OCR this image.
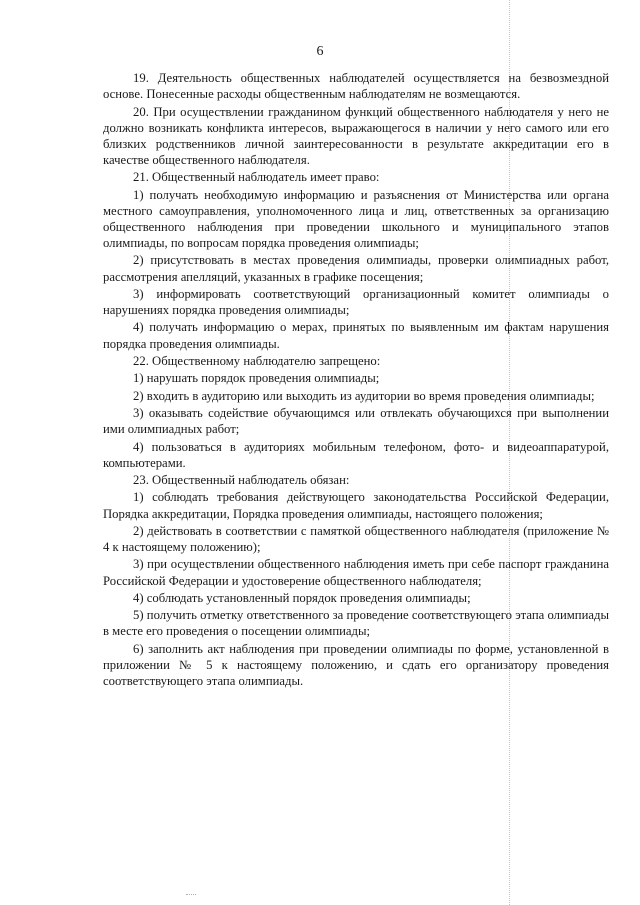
6

19. Деятельность общественных наблюдателей осуществляется на безвозмездной основе. Понесенные расходы общественным наблюдателям не возмещаются.

20. При осуществлении гражданином функций общественного наблюдателя у него не должно возникать конфликта интересов, выражающегося в наличии у него самого или его близких родственников личной заинтересованности в результате аккредитации его в качестве общественного наблюдателя.

21. Общественный наблюдатель имеет право:

1) получать необходимую информацию и разъяснения от Министерства или органа местного самоуправления, уполномоченного лица и лиц, ответственных за организацию общественного наблюдения при проведении школьного и муниципального этапов олимпиады, по вопросам порядка проведения олимпиады;

2) присутствовать в местах проведения олимпиады, проверки олимпиадных работ, рассмотрения апелляций, указанных в графике посещения;

3) информировать соответствующий организационный комитет олимпиады о нарушениях порядка проведения олимпиады;

4) получать информацию о мерах, принятых по выявленным им фактам нарушения порядка проведения олимпиады.

22. Общественному наблюдателю запрещено:

1) нарушать порядок проведения олимпиады;

2) входить в аудиторию или выходить из аудитории во время проведения олимпиады;

3) оказывать содействие обучающимся или отвлекать обучающихся при выполнении ими олимпиадных работ;

4) пользоваться в аудиториях мобильным телефоном, фото- и видеоаппаратурой, компьютерами.

23. Общественный наблюдатель обязан:

1) соблюдать требования действующего законодательства Российской Федерации, Порядка аккредитации, Порядка проведения олимпиады, настоящего положения;

2) действовать в соответствии с памяткой общественного наблюдателя (приложение № 4 к настоящему положению);

3) при осуществлении общественного наблюдения иметь при себе паспорт гражданина Российской Федерации и удостоверение общественного наблюдателя;

4) соблюдать установленный порядок проведения олимпиады;

5) получить отметку ответственного за проведение соответствующего этапа олимпиады в месте его проведения о посещении олимпиады;

6) заполнить акт наблюдения при проведении олимпиады по форме, установленной в приложении № 5 к настоящему положению, и сдать его организатору проведения соответствующего этапа олимпиады.
